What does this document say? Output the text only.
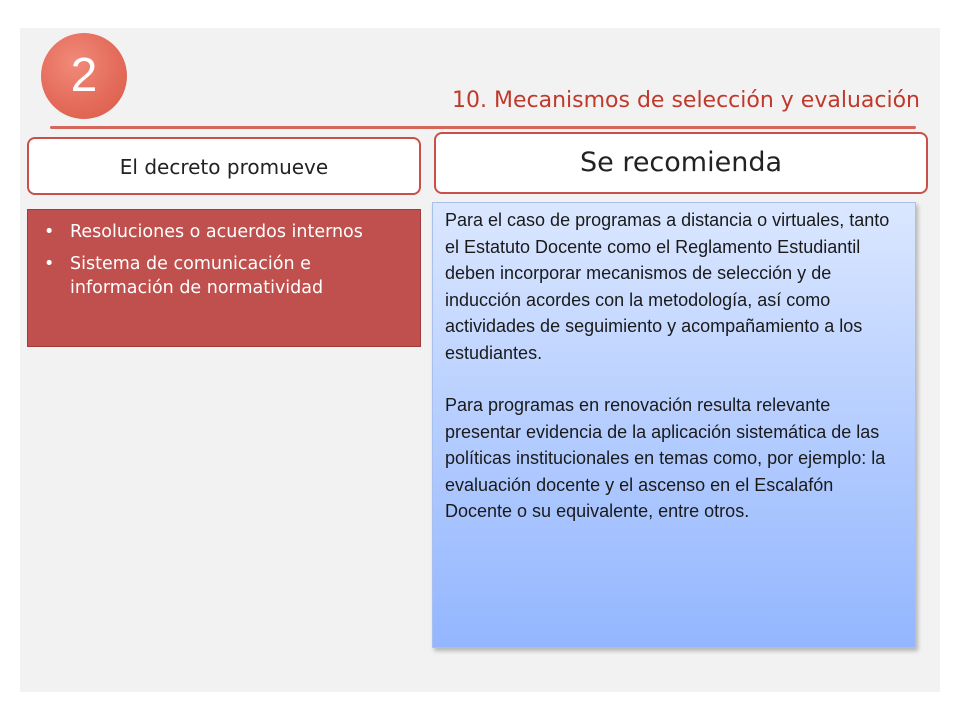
2	10. Mecanismos de selección y evaluación
El decreto promueve
• Resoluciones o acuerdos internos
• Sistema de comunicación e información de normatividad
Se recomienda

Para el caso de programas a distancia o virtuales, tanto el Estatuto Docente como el Reglamento Estudiantil deben incorporar mecanismos de selección y de inducción acordes con la metodología, así como actividades de seguimiento y acompañamiento a los estudiantes.

Para programas en renovación resulta relevante presentar evidencia de la aplicación sistemática de las políticas institucionales en temas como, por ejemplo: la evaluación docente y el ascenso en el Escalafón Docente o su equivalente, entre otros.
